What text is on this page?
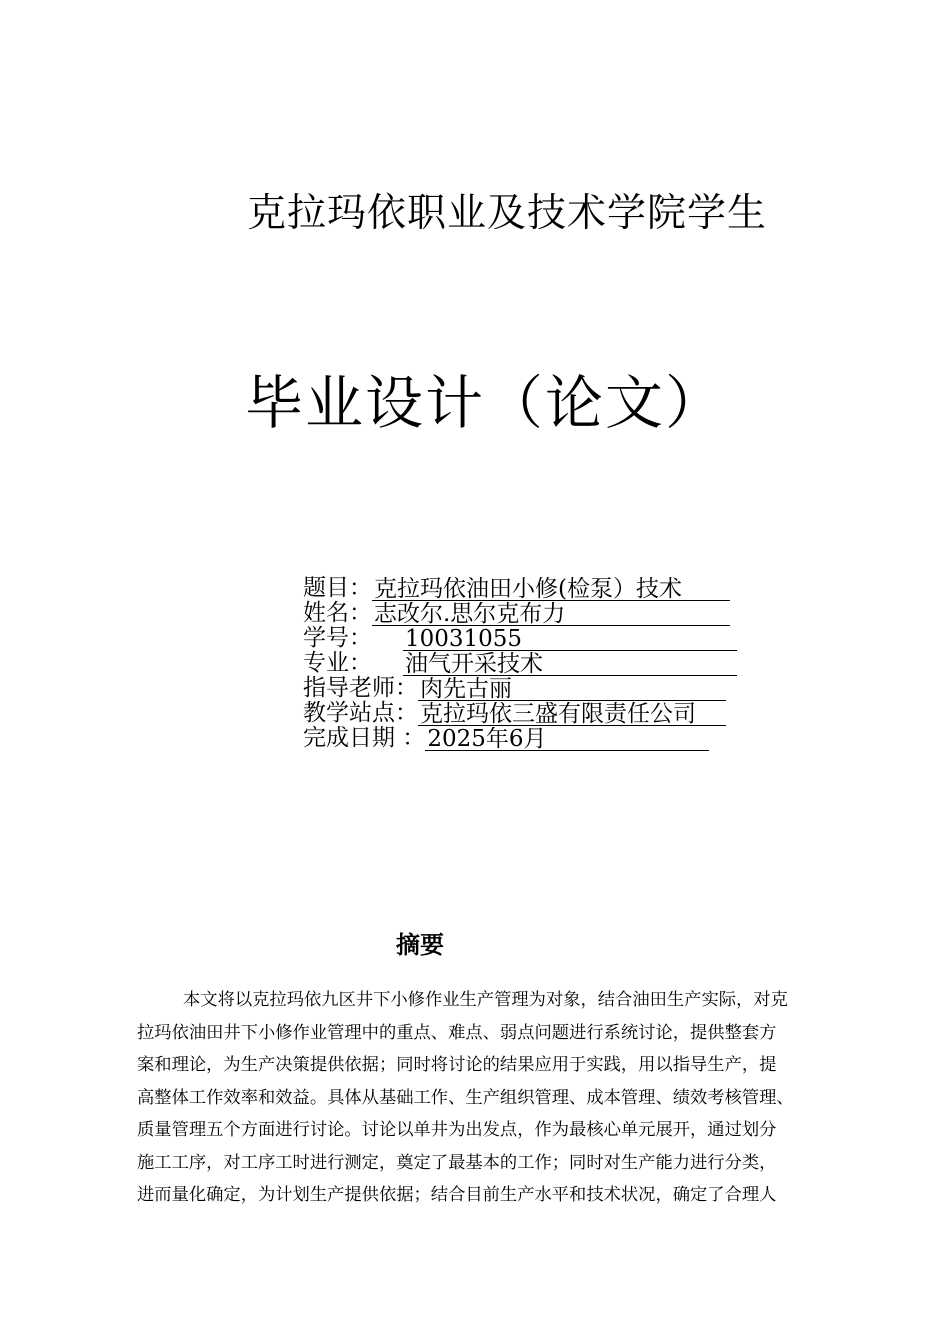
克拉玛依职业及技术学院学生
毕业设计（论文）
题目： 克拉玛依油田小修(检泵）技术
姓名： 志改尔.思尔克布力
学号：	10031055
专业：	油气开采技术
指导老师： 肉先古丽
教学站点： 克拉玛依三盛有限责任公司
完成日期 ： 2025年6月
摘要
本文将以克拉玛依九区井下小修作业生产管理为对象，结合油田生产实际，对克
拉玛依油田井下小修作业管理中的重点、难点、弱点问题进行系统讨论，提供整套方
案和理论，为生产决策提供依据；同时将讨论的结果应用于实践，用以指导生产，提
高整体工作效率和效益。具体从基础工作、生产组织管理、成本管理、绩效考核管理、
质量管理五个方面进行讨论。讨论以单井为出发点，作为最核心单元展开，通过划分
施工工序，对工序工时进行测定，奠定了最基本的工作；同时对生产能力进行分类，
进而量化确定，为计划生产提供依据；结合目前生产水平和技术状况，确定了合理人
